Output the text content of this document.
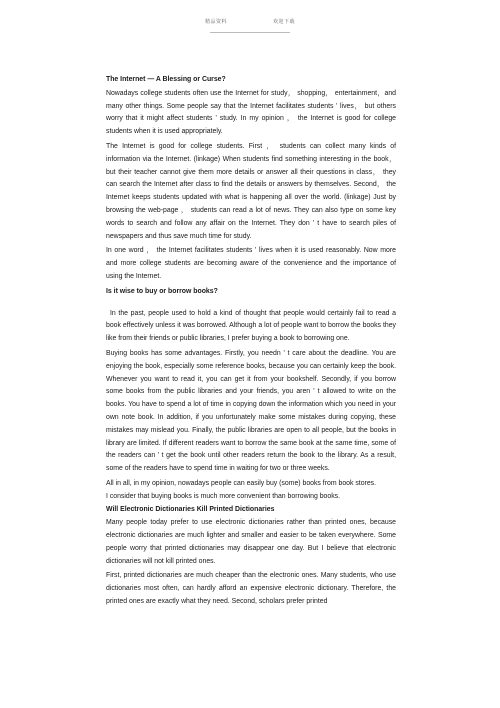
精品资料	欢迎下载
The Internet — A Blessing or Curse?

Nowadays college students often use the Internet for study， shopping， entertainment，and many other things. Some people say that the Internet facilitates students ' lives， but others worry that it might affect students ' study. In my opinion ， the Internet is good for college students when it is used appropriately.

The Internet is good for college students. First ， students can collect many kinds of information via the Internet. (linkage) When students find something interesting in the book， but their teacher cannot give them more details or answer all their questions in class， they can search the Internet after class to find the details or answers by themselves. Second， the Internet keeps students updated with what is happening all over the world. (linkage) Just by browsing the web-page ， students can read a lot of news. They can also type on some key words to search and follow any affair on the Internet. They don ' t have to search piles of newspapers and thus save much time for study.

In one word ， the Internet facilitates students ' lives when it is used reasonably. Now more and more college students are becoming aware of the convenience and the importance of using the Internet.

Is it wise to buy or borrow books?

In the past, people used to hold a kind of thought that people would certainly fail to read a book effectively unless it was borrowed. Although a lot of people want to borrow the books they like from their friends or public libraries, I prefer buying a book to borrowing one.

Buying books has some advantages. Firstly, you needn ' t care about the deadline. You are enjoying the book, especially some reference books, because you can certainly keep the book. Whenever you want to read it, you can get it from your bookshelf. Secondly, if you borrow some books from the public libraries and your friends, you aren ' t allowed to write on the books. You have to spend a lot of time in copying down the information which you need in your own note book. In addition, if you unfortunately make some mistakes during copying, these mistakes may mislead you. Finally, the public libraries are open to all people, but the books in library are limited. If different readers want to borrow the same book at the same time, some of the readers can ' t get the book until other readers return the book to the library. As a result, some of the readers have to spend time in waiting for two or three weeks.

All in all, in my opinion, nowadays people can easily buy (some) books from book stores.

I consider that buying books is much more convenient than borrowing books.

Will Electronic Dictionaries Kill Printed Dictionaries

Many people today prefer to use electronic dictionaries rather than printed ones, because electronic dictionaries are much lighter and smaller and easier to be taken everywhere. Some people worry that printed dictionaries may disappear one day. But I believe that electronic dictionaries will not kill printed ones.

First, printed dictionaries are much cheaper than the electronic ones. Many students, who use dictionaries most often, can hardly afford an expensive electronic dictionary. Therefore, the printed ones are exactly what they need. Second, scholars prefer printed
